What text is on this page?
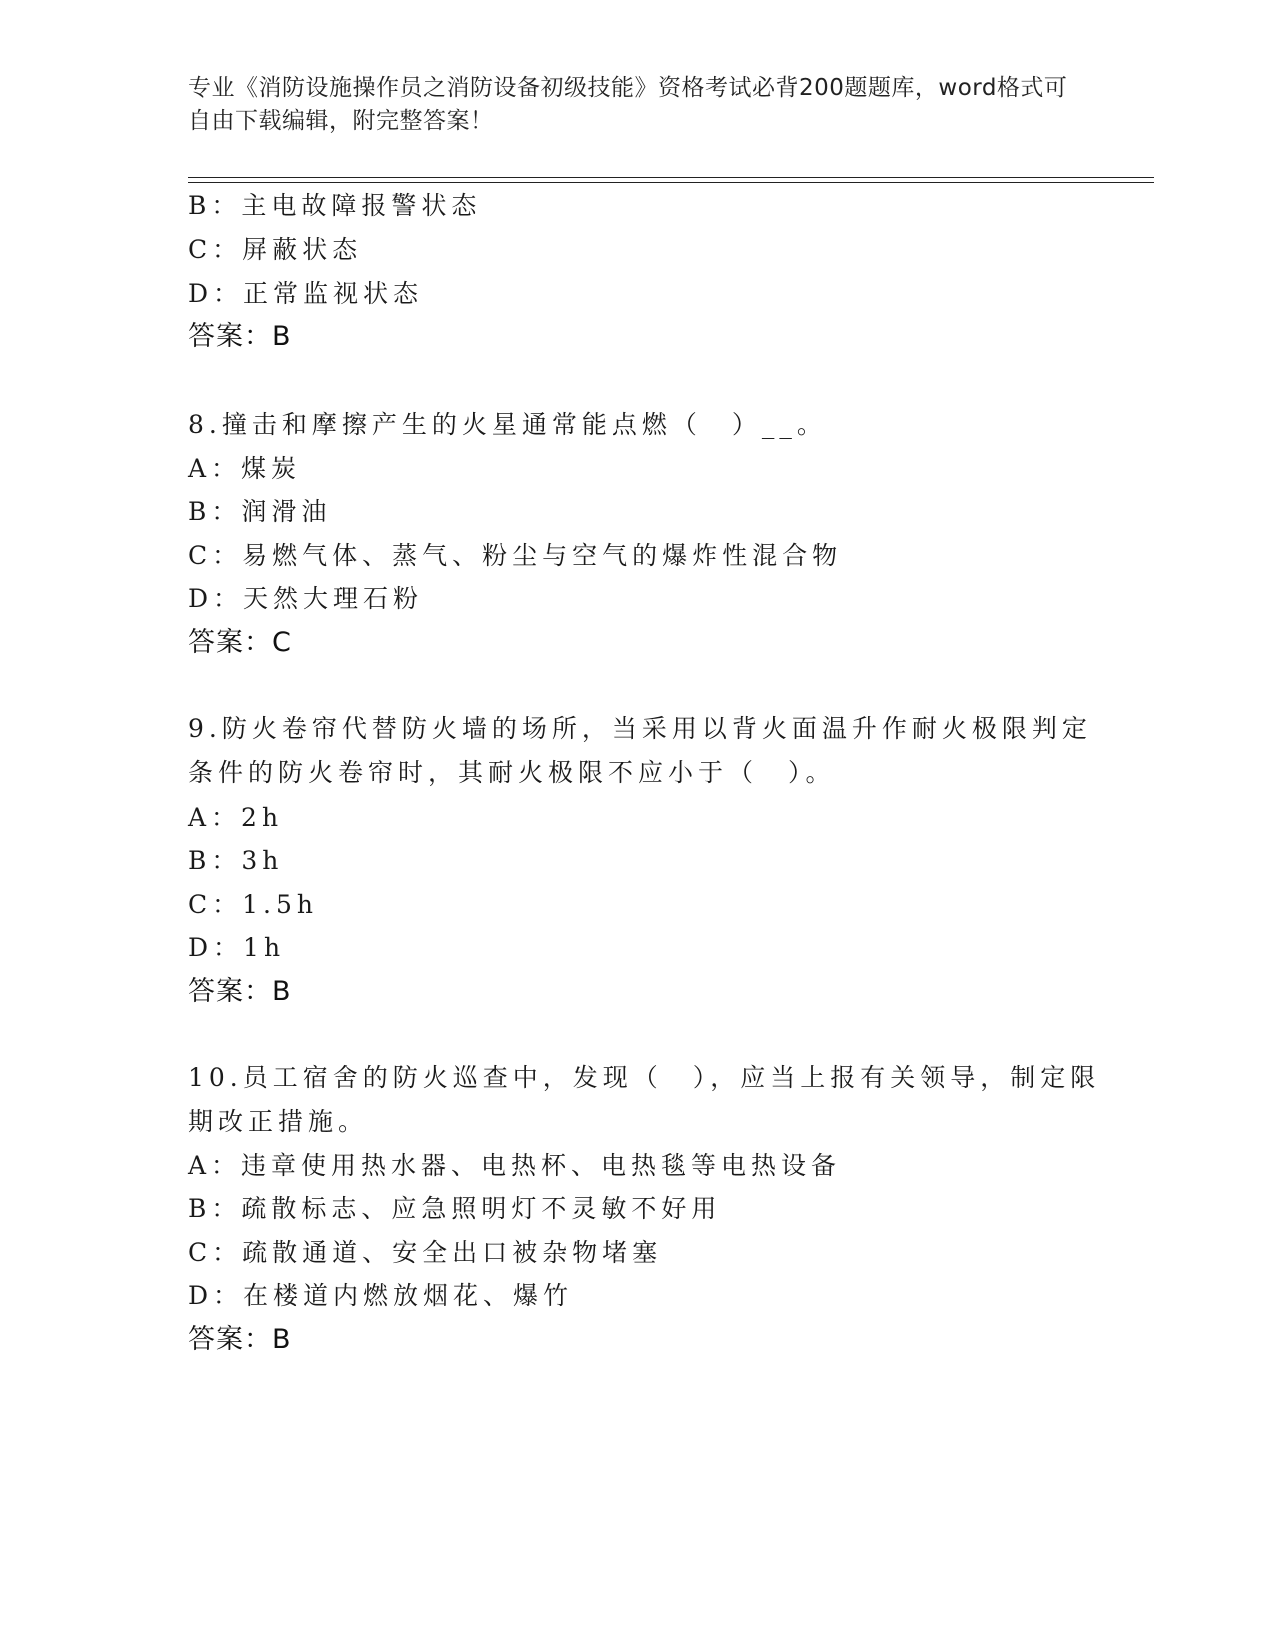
专业《消防设施操作员之消防设备初级技能》资格考试必背200题题库，word格式可自由下载编辑，附完整答案！
B：主电故障报警状态
C：屏蔽状态
D：正常监视状态
答案：B
8.撞击和摩擦产生的火星通常能点燃（　）__。
A：煤炭
B：润滑油
C：易燃气体、蒸气、粉尘与空气的爆炸性混合物
D：天然大理石粉
答案：C
9.防火卷帘代替防火墙的场所，当采用以背火面温升作耐火极限判定
条件的防火卷帘时，其耐火极限不应小于（　）。
A：2h
B：3h
C：1.5h
D：1h
答案：B
10.员工宿舍的防火巡查中，发现（　），应当上报有关领导，制定限
期改正措施。
A：违章使用热水器、电热杯、电热毯等电热设备
B：疏散标志、应急照明灯不灵敏不好用
C：疏散通道、安全出口被杂物堵塞
D：在楼道内燃放烟花、爆竹
答案：B
